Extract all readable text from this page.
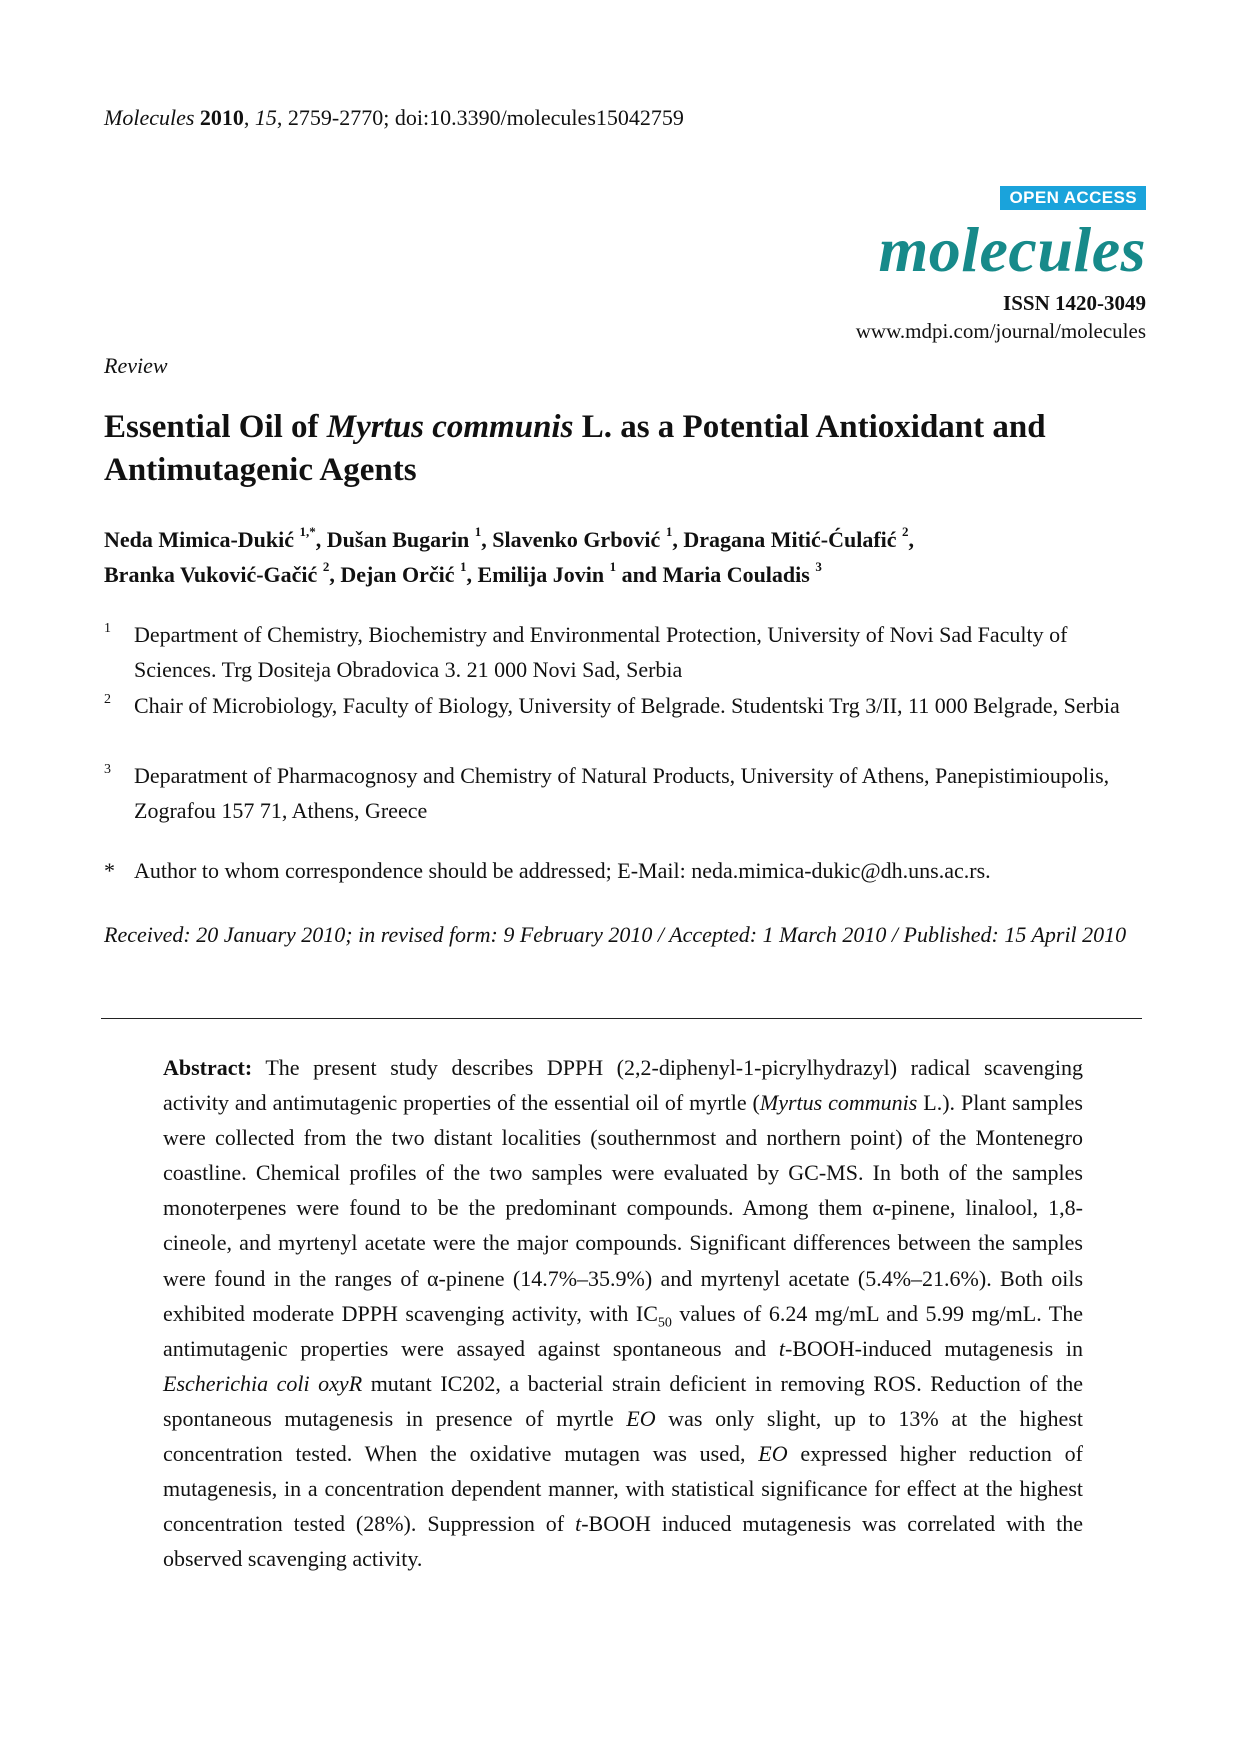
Molecules 2010, 15, 2759-2770; doi:10.3390/molecules15042759
OPEN ACCESS
molecules
ISSN 1420-3049
www.mdpi.com/journal/molecules
Review
Essential Oil of Myrtus communis L. as a Potential Antioxidant and Antimutagenic Agents
Neda Mimica-Dukić $^{1,*}$, Dušan Bugarin $^1$, Slavenko Grbović $^1$, Dragana Mitić-Ćulafić $^2$,
Branka Vuković-Gačić $^2$, Dejan Orčić $^1$, Emilija Jovin $^1$ and Maria Couladis $^3$
1 Department of Chemistry, Biochemistry and Environmental Protection, University of Novi Sad Faculty of Sciences. Trg Dositeja Obradovica 3. 21 000 Novi Sad, Serbia
2 Chair of Microbiology, Faculty of Biology, University of Belgrade. Studentski Trg 3/II, 11 000 Belgrade, Serbia
3 Deparatment of Pharmacognosy and Chemistry of Natural Products, University of Athens, Panepistimioupolis, Zografou 157 71, Athens, Greece
* Author to whom correspondence should be addressed; E-Mail: neda.mimica-dukic@dh.uns.ac.rs.
Received: 20 January 2010; in revised form: 9 February 2010 / Accepted: 1 March 2010 / Published: 15 April 2010
Abstract: The present study describes DPPH (2,2-diphenyl-1-picrylhydrazyl) radical scavenging activity and antimutagenic properties of the essential oil of myrtle (Myrtus communis L.). Plant samples were collected from the two distant localities (southernmost and northern point) of the Montenegro coastline. Chemical profiles of the two samples were evaluated by GC-MS. In both of the samples monoterpenes were found to be the predominant compounds. Among them α-pinene, linalool, 1,8-cineole, and myrtenyl acetate were the major compounds. Significant differences between the samples were found in the ranges of α-pinene (14.7%–35.9%) and myrtenyl acetate (5.4%–21.6%). Both oils exhibited moderate DPPH scavenging activity, with $IC_{50}$ values of 6.24 mg/mL and 5.99 mg/mL. The antimutagenic properties were assayed against spontaneous and t-BOOH-induced mutagenesis in Escherichia coli oxyR mutant IC202, a bacterial strain deficient in removing ROS. Reduction of the spontaneous mutagenesis in presence of myrtle EO was only slight, up to 13% at the highest concentration tested. When the oxidative mutagen was used, EO expressed higher reduction of mutagenesis, in a concentration dependent manner, with statistical significance for effect at the highest concentration tested (28%). Suppression of t-BOOH induced mutagenesis was correlated with the observed scavenging activity.
